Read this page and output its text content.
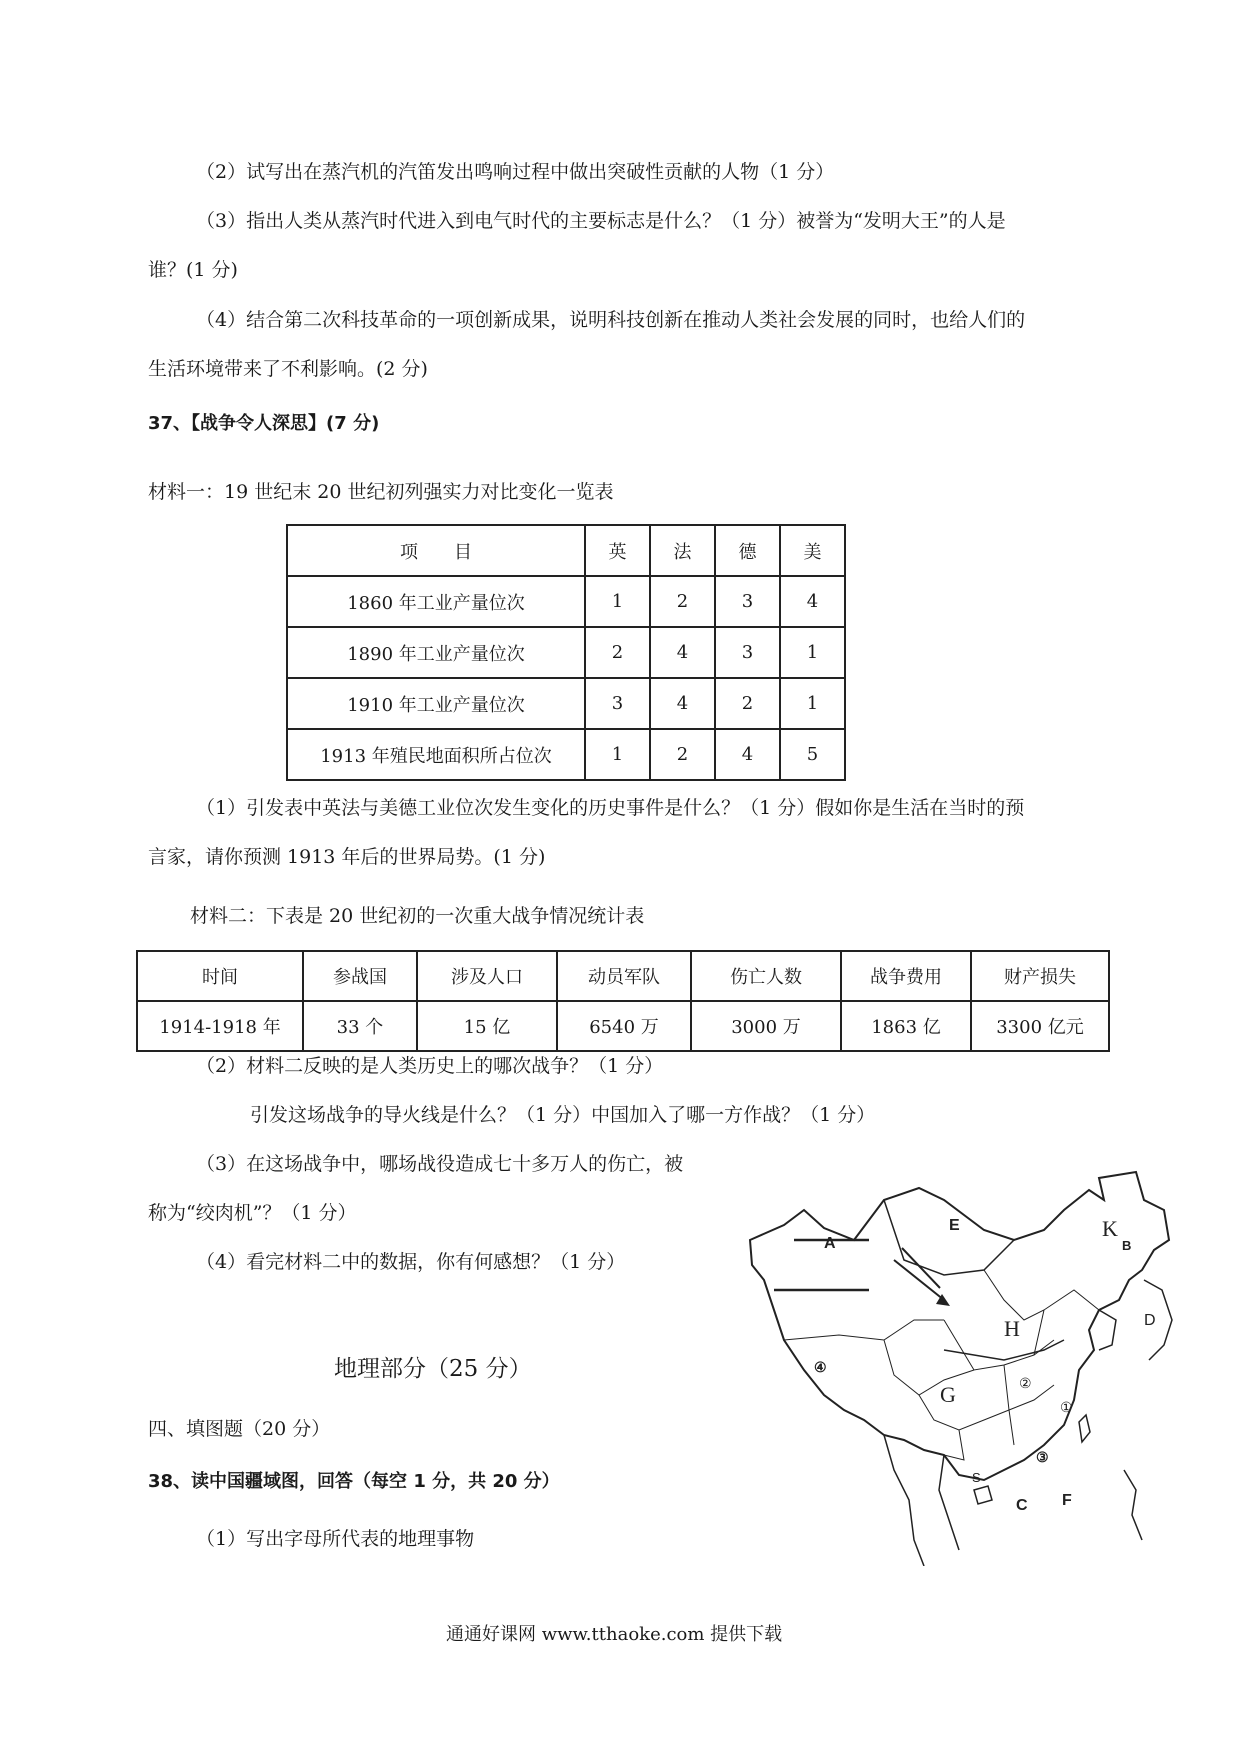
（2）试写出在蒸汽机的汽笛发出鸣响过程中做出突破性贡献的人物（1 分）
（3）指出人类从蒸汽时代进入到电气时代的主要标志是什么？（1 分）被誉为“发明大王”的人是
谁？(1 分)
（4）结合第二次科技革命的一项创新成果，说明科技创新在推动人类社会发展的同时，也给人们的
生活环境带来了不利影响。(2 分)
37、【战争令人深思】(7 分)
材料一：19 世纪末 20 世纪初列强实力对比变化一览表
项　　目	英	法	德	美
1860 年工业产量位次	1	2	3	4
1890 年工业产量位次	2	4	3	1
1910 年工业产量位次	3	4	2	1
1913 年殖民地面积所占位次	1	2	4	5
（1）引发表中英法与美德工业位次发生变化的历史事件是什么？（1 分）假如你是生活在当时的预
言家，请你预测 1913 年后的世界局势。(1 分)
材料二：下表是 20 世纪初的一次重大战争情况统计表
时间	参战国	涉及人口	动员军队	伤亡人数	战争费用	财产损失
1914-1918 年	33 个	15 亿	6540 万	3000 万	1863 亿	3300 亿元
（2）材料二反映的是人类历史上的哪次战争？（1 分）
引发这场战争的导火线是什么？（1 分）中国加入了哪一方作战？（1 分）
（3）在这场战争中，哪场战役造成七十多万人的伤亡，被
称为“绞肉机”？（1 分）
（4）看完材料二中的数据，你有何感想？（1 分）
地理部分（25 分）
四、填图题（20 分）
38、读中国疆域图，回答（每空 1 分，共 20 分）
（1）写出字母所代表的地理事物
A	B
C
D
E
F
S
①
②
③
④
G
H
K
通通好课网 www.tthaoke.com 提供下载
